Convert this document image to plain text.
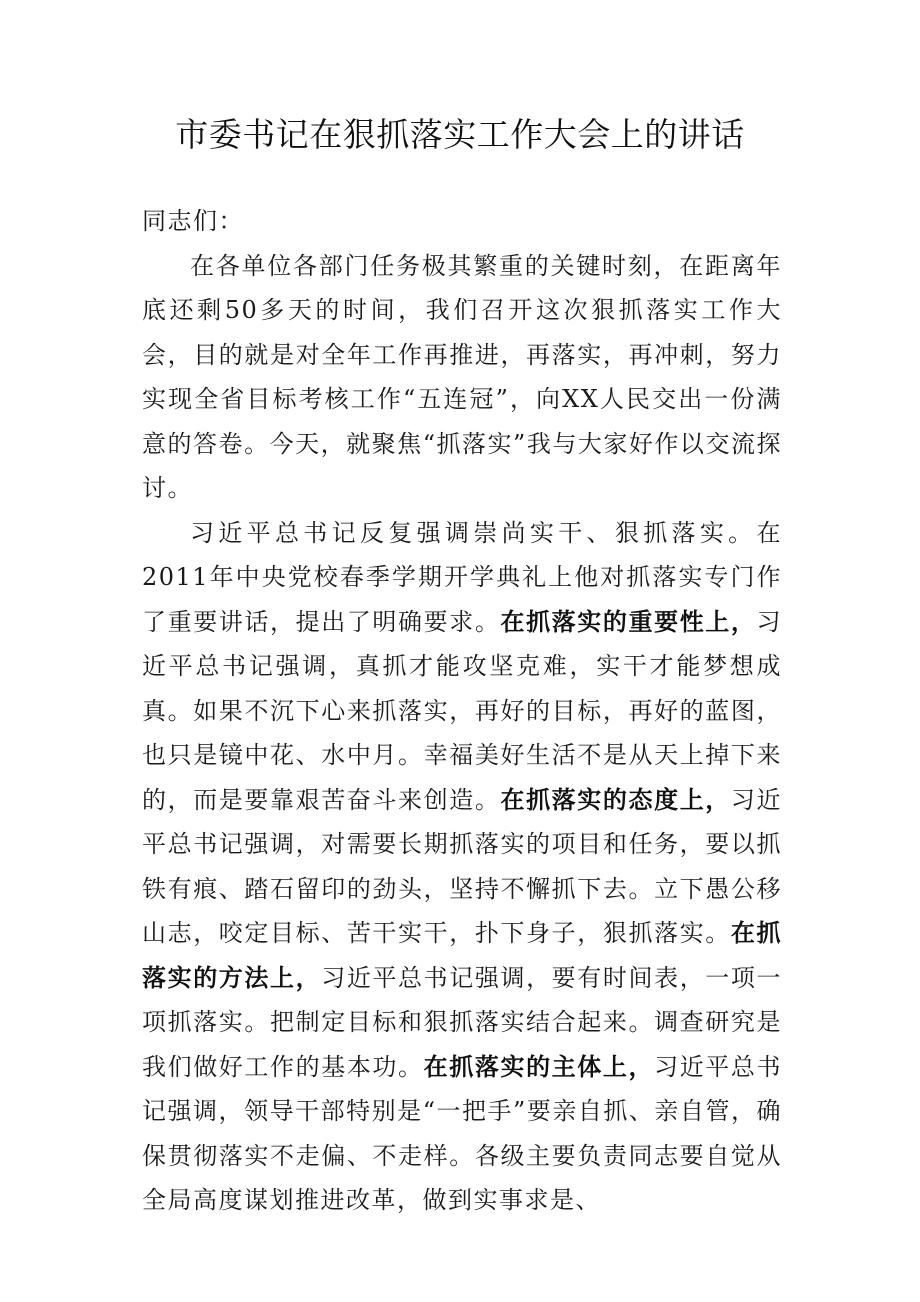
市委书记在狠抓落实工作大会上的讲话

同志们：

在各单位各部门任务极其繁重的关键时刻，在距离年底还剩50多天的时间，我们召开这次狠抓落实工作大会，目的就是对全年工作再推进，再落实，再冲刺，努力实现全省目标考核工作“五连冠”，向XX人民交出一份满意的答卷。今天，就聚焦“抓落实”我与大家好作以交流探讨。

习近平总书记反复强调崇尚实干、狠抓落实。在2011年中央党校春季学期开学典礼上他对抓落实专门作了重要讲话，提出了明确要求。在抓落实的重要性上，习近平总书记强调，真抓才能攻坚克难，实干才能梦想成真。如果不沉下心来抓落实，再好的目标，再好的蓝图，也只是镜中花、水中月。幸福美好生活不是从天上掉下来的，而是要靠艰苦奋斗来创造。在抓落实的态度上，习近平总书记强调，对需要长期抓落实的项目和任务，要以抓铁有痕、踏石留印的劲头，坚持不懈抓下去。立下愚公移山志，咬定目标、苦干实干，扑下身子，狠抓落实。在抓落实的方法上，习近平总书记强调，要有时间表，一项一项抓落实。把制定目标和狠抓落实结合起来。调查研究是我们做好工作的基本功。在抓落实的主体上，习近平总书记强调，领导干部特别是“一把手”要亲自抓、亲自管，确保贯彻落实不走偏、不走样。各级主要负责同志要自觉从全局高度谋划推进改革，做到实事求是、
